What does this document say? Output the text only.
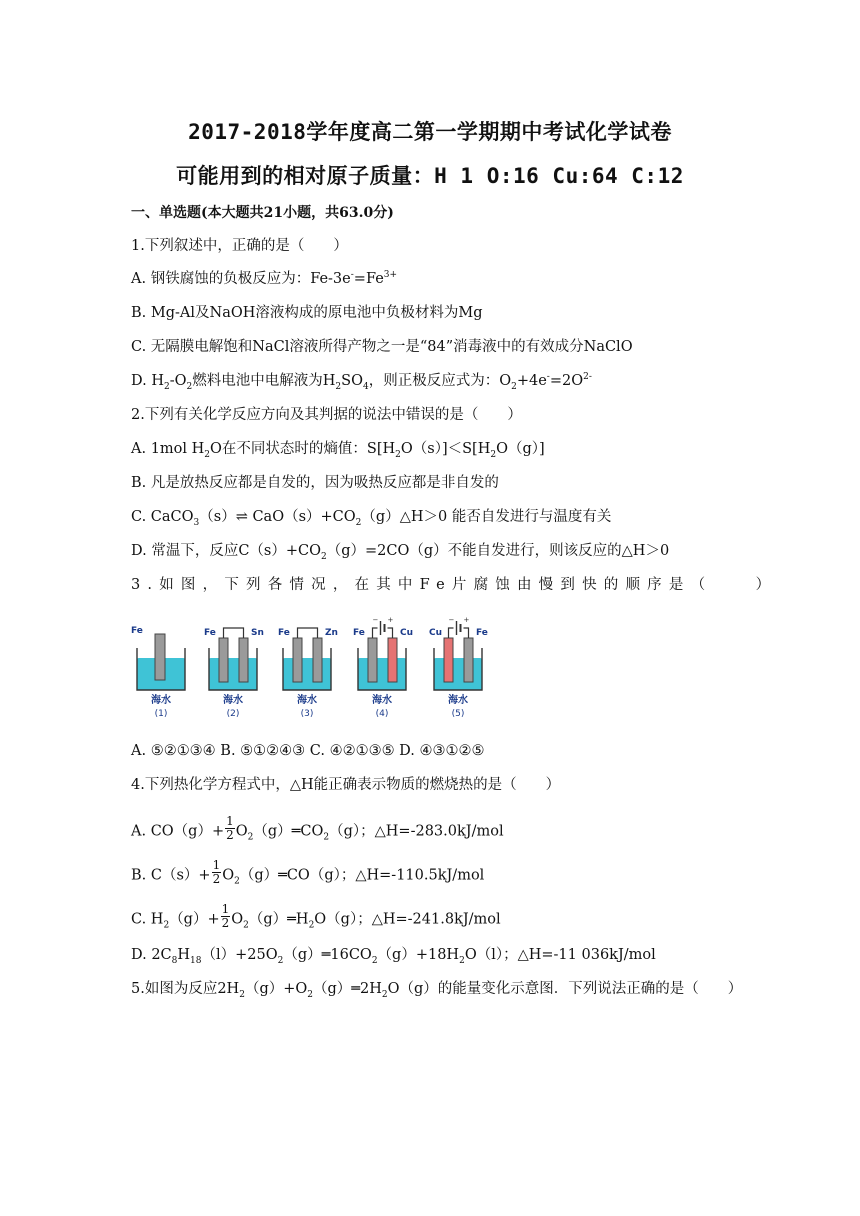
2017-2018学年度高二第一学期期中考试化学试卷
可能用到的相对原子质量：H 1 O:16 Cu:64 C:12
一、单选题(本大题共21小题，共63.0分)
1.下列叙述中，正确的是（　　）
A. 钢铁腐蚀的负极反应为：$Fe-3e^-=Fe^{3+}$
B. Mg-Al及NaOH溶液构成的原电池中负极材料为Mg
C. 无隔膜电解饱和NaCl溶液所得产物之一是“84”消毒液中的有效成分NaClO
D. $H_2-O_2$燃料电池中电解液为$H_2SO_4$，则正极反应式为：$O_2+4e^-=2O^{2-}$
2.下列有关化学反应方向及其判据的说法中错误的是（　　）
A. 1mol $H_2O$在不同状态时的熵值：$S[H_2O(s)]<S[H_2O(g)]$
B. 凡是放热反应都是自发的，因为吸热反应都是非自发的
C. CaCO$_3$（s）⇌ $CaO(s)+CO_2(g)\triangle H>0$ 能否自发进行与温度有关
D. 常温下，反应$C(s)+CO_2(g)=2CO(g)$不能自发进行，则该反应的△H＞0
3.如图，下列各情况，在其中Fe片腐蚀由慢到快的顺序是（　　）
Fe
海水
(1)
Fe	Sn
海水
(2)
Fe	Zn
海水
(3)
− +
Fe	Cu
海水
(4)
− +
Cu	Fe
海水
(5)
A. ⑤②①③④ B. ⑤①②④③ C. ④②①③⑤ D. ④③①②⑤
4.下列热化学方程式中，△H能正确表示物质的燃烧热的是（　　）
A. $CO(g)+ \frac{1}{2}$ $O_2(g)═CO_2(g)$；△H=-283.0kJ/mol
B. $C(s)+ \frac{1}{2}$ $O_2(g)═CO(g)$；△H=-110.5kJ/mol
C. $H_2(g)+ \frac{1}{2}$ $O_2(g)═H_2O(g)$；△H=-241.8kJ/mol
D. $2C_8H_{18}(l)+25O_2(g)═16CO_2(g)+18H_2O(l)$；△H=-11 036kJ/mol
5.如图为反应$2H_2(g)+O_2(g)═2H_2O(g)$的能量变化示意图．下列说法正确的是（　　）
